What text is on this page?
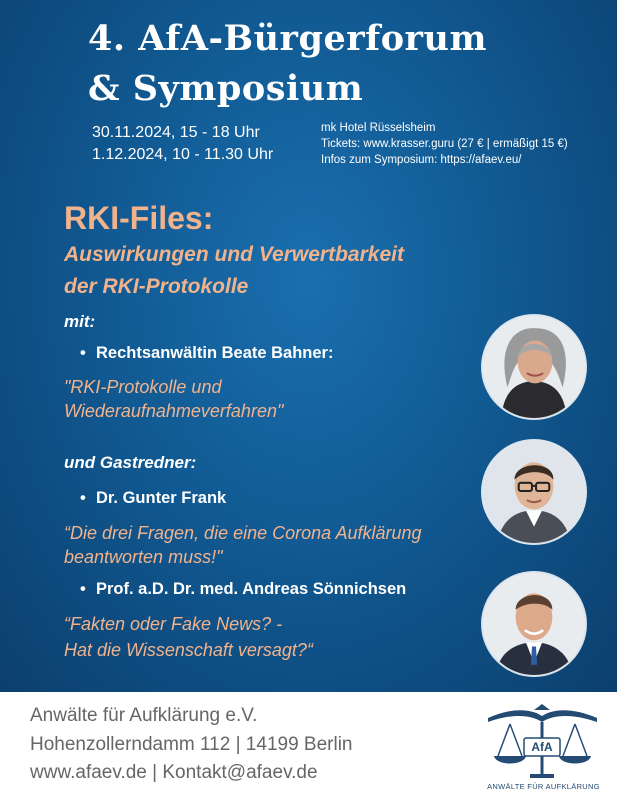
4. AfA-Bürgerforum
& Symposium
30.11.2024, 15 - 18 Uhr
1.12.2024, 10 - 11.30 Uhr
mk Hotel Rüsselsheim
Tickets: www.krasser.guru (27 € | ermäßigt 15 €)
Infos zum Symposium: https://afaev.eu/
RKI-Files:
Auswirkungen und Verwertbarkeit
der RKI-Protokolle
mit:
• Rechtsanwältin Beate Bahner:
"RKI-Protokolle und
Wiederaufnahmeverfahren"
und Gastredner:
• Dr. Gunter Frank
“Die drei Fragen, die eine Corona Aufklärung
beantworten muss!"
• Prof. a.D. Dr. med. Andreas Sönnichsen
“Fakten oder Fake News? -
Hat die Wissenschaft versagt?“
Anwälte für Aufklärung e.V.
Hohenzollerndamm 112 | 14199 Berlin
www.afaev.de | Kontakt@afaev.de
AfA
ANWÄLTE FÜR AUFKLÄRUNG
